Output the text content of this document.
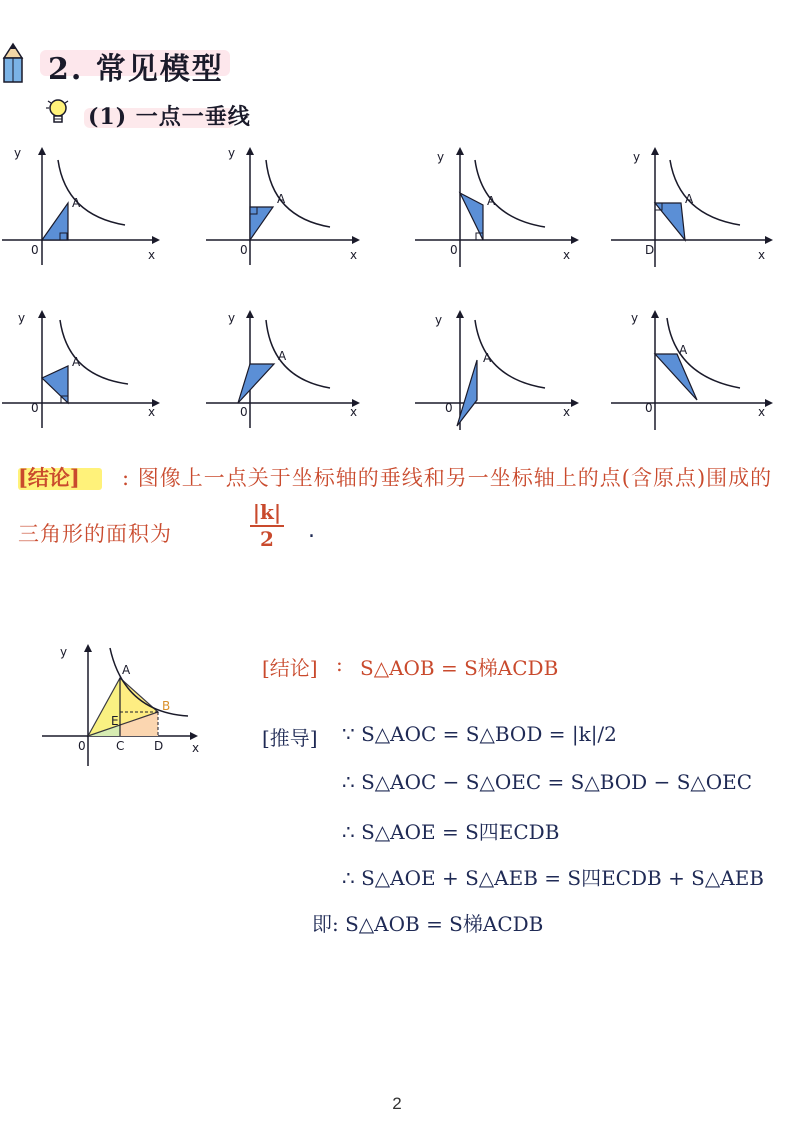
2. 常见模型
(1) 一点一垂线
y
x
0
A
y
x
0
A
y
x
0
A
y
x
D
A
y
x
0
A
y
x
0
A
y
x
0
A
y
x
0
A
[结论] : 图像上一点关于坐标轴的垂线和另一坐标轴上的点(含原点)围成的
三角形的面积为	$\frac{|k|}{2}$ .
y
x
0
A
B
C D
E
[结论] : S△AOB = S梯ACDB
[推导] ∵ S△AOC = S△BOD = |k|/2
∴ S△AOC − S△OEC = S△BOD − S△OEC
∴ S△AOE = S四ECDB
∴ S△AOE + S△AEB = S四ECDB + S△AEB
即: S△AOB = S梯ACDB
2
